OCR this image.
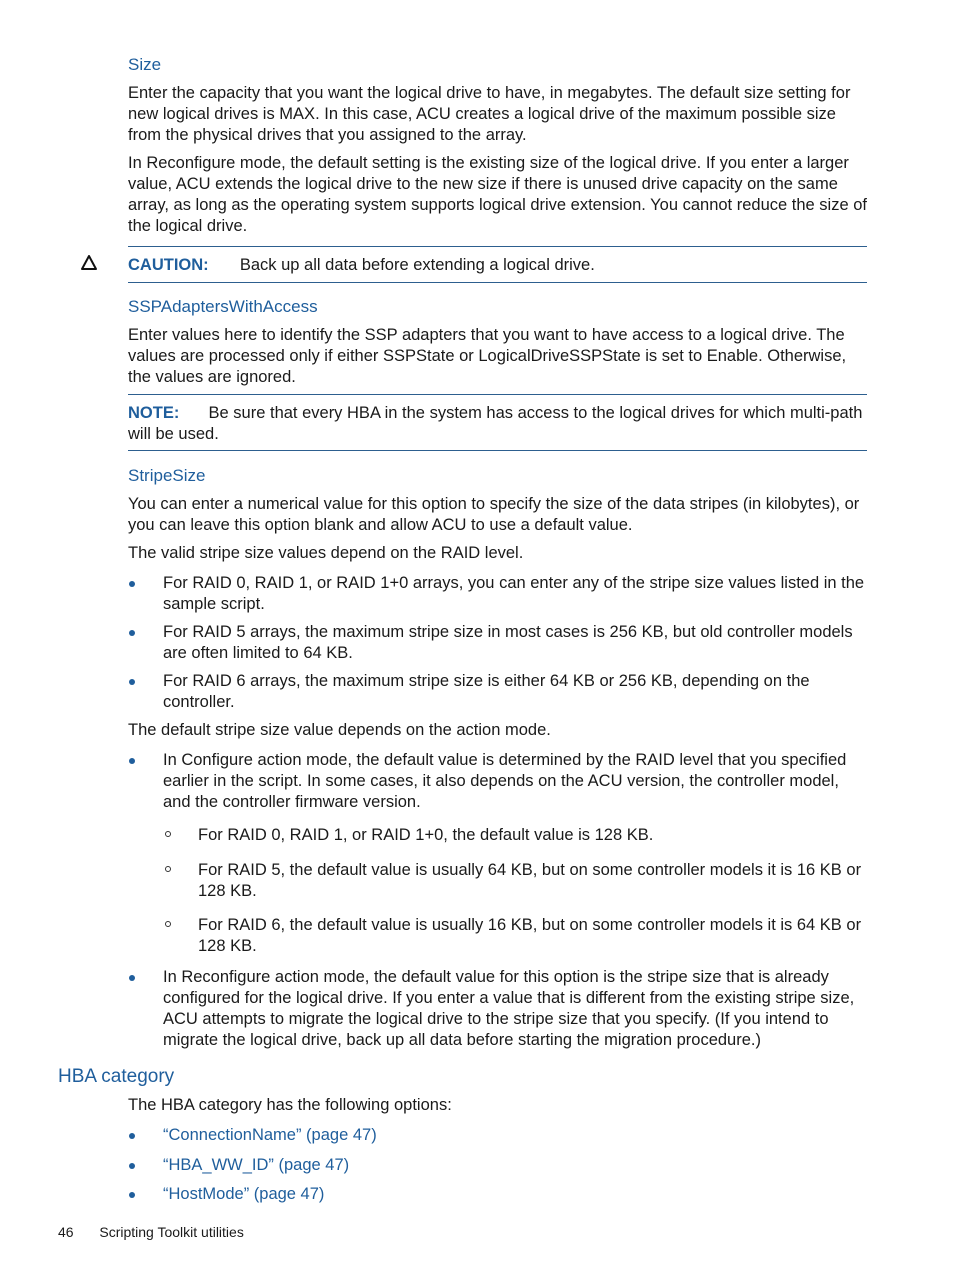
Size

Enter the capacity that you want the logical drive to have, in megabytes. The default size setting for new logical drives is MAX. In this case, ACU creates a logical drive of the maximum possible size from the physical drives that you assigned to the array.

In Reconfigure mode, the default setting is the existing size of the logical drive. If you enter a larger value, ACU extends the logical drive to the new size if there is unused drive capacity on the same array, as long as the operating system supports logical drive extension. You cannot reduce the size of the logical drive.

CAUTION: Back up all data before extending a logical drive.

SSPAdaptersWithAccess

Enter values here to identify the SSP adapters that you want to have access to a logical drive. The values are processed only if either SSPState or LogicalDriveSSPState is set to Enable. Otherwise, the values are ignored.

NOTE: Be sure that every HBA in the system has access to the logical drives for which multi-path will be used.

StripeSize

You can enter a numerical value for this option to specify the size of the data stripes (in kilobytes), or you can leave this option blank and allow ACU to use a default value.

The valid stripe size values depend on the RAID level.

For RAID 0, RAID 1, or RAID 1+0 arrays, you can enter any of the stripe size values listed in the sample script.
For RAID 5 arrays, the maximum stripe size in most cases is 256 KB, but old controller models are often limited to 64 KB.
For RAID 6 arrays, the maximum stripe size is either 64 KB or 256 KB, depending on the controller.

The default stripe size value depends on the action mode.

In Configure action mode, the default value is determined by the RAID level that you specified earlier in the script. In some cases, it also depends on the ACU version, the controller model, and the controller firmware version.
For RAID 0, RAID 1, or RAID 1+0, the default value is 128 KB.
For RAID 5, the default value is usually 64 KB, but on some controller models it is 16 KB or 128 KB.
For RAID 6, the default value is usually 16 KB, but on some controller models it is 64 KB or 128 KB.
In Reconfigure action mode, the default value for this option is the stripe size that is already configured for the logical drive. If you enter a value that is different from the existing stripe size, ACU attempts to migrate the logical drive to the stripe size that you specify. (If you intend to migrate the logical drive, back up all data before starting the migration procedure.)
HBA category

The HBA category has the following options:

“ConnectionName” (page 47)
“HBA_WW_ID” (page 47)
“HostMode” (page 47)
46 Scripting Toolkit utilities
